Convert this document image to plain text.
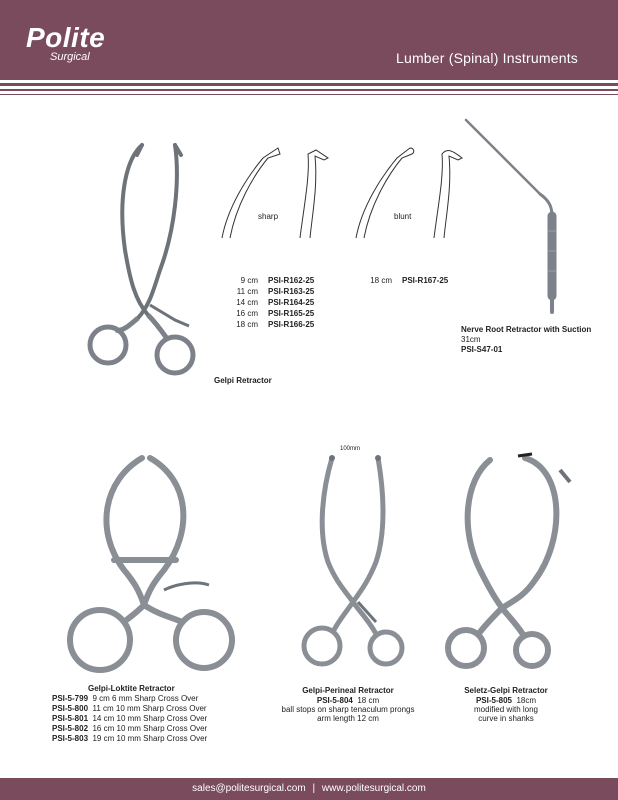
Polite
Surgical	Lumber (Spinal) Instruments
Gelpi Retractor
sharp	blunt
9 cm PSI-R162-25
11 cm PSI-R163-25
14 cm PSI-R164-25
16 cm PSI-R165-25
18 cm PSI-R166-25
18 cm PSI-R167-25
Nerve Root Retractor with Suction
31cm
PSI-S47-01
Gelpi-Loktite Retractor
PSI-5-799 9 cm 6 mm Sharp Cross Over
PSI-5-800 11 cm 10 mm Sharp Cross Over
PSI-5-801 14 cm 10 mm Sharp Cross Over
PSI-5-802 16 cm 10 mm Sharp Cross Over
PSI-5-803 19 cm 10 mm Sharp Cross Over
100mm
Gelpi-Perineal Retractor
PSI-5-804 18 cm
ball stops on sharp tenaculum prongs
arm length 12 cm
Seletz-Gelpi Retractor
PSI-5-805 18cm
modified with long
curve in shanks
sales@politesurgical.com | www.politesurgical.com
